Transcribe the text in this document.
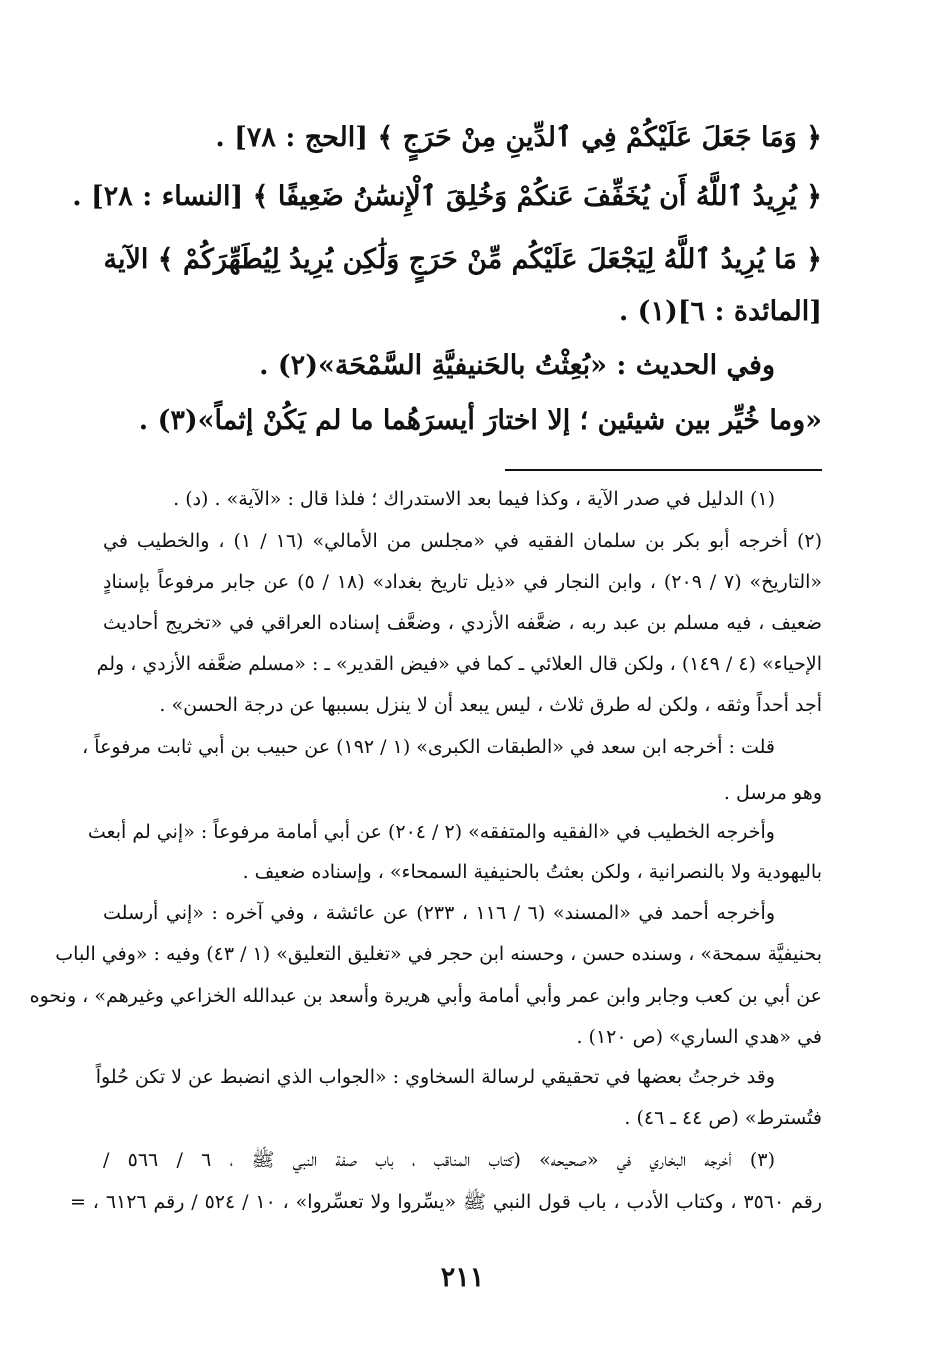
﴿ وَمَا جَعَلَ عَلَيْكُمْ فِي ٱلدِّينِ مِنْ حَرَجٍ ﴾ [الحج : ٧٨] .
﴿ يُرِيدُ ٱللَّهُ أَن يُخَفِّفَ عَنكُمْ وَخُلِقَ ٱلْإِنسَٰنُ ضَعِيفًا ﴾ [النساء : ٢٨] .
﴿ مَا يُرِيدُ ٱللَّهُ لِيَجْعَلَ عَلَيْكُم مِّنْ حَرَجٍ وَلَٰكِن يُرِيدُ لِيُطَهِّرَكُمْ ﴾ الآية
[المائدة : ٦](١) .
وفي الحديث : «بُعِثْتُ بالحَنيفيَّةِ السَّمْحَة»(٢) .
«وما خُيِّر بين شيئين ؛ إلا اختارَ أيسرَهُما ما لم يَكُنْ إثماً»(٣) .
(١) الدليل في صدر الآية ، وكذا فيما بعد الاستدراك ؛ فلذا قال : «الآية» . (د) .
(٢) أخرجه أبو بكر بن سلمان الفقيه في «مجلس من الأمالي» (١٦ / ١) ، والخطيب في
«التاريخ» (٧ / ٢٠٩) ، وابن النجار في «ذيل تاريخ بغداد» (١٨ / ٥) عن جابر مرفوعاً بإسنادٍ
ضعيف ، فيه مسلم بن عبد ربه ، ضعَّفه الأزدي ، وضعَّف إسناده العراقي في «تخريج أحاديث
الإحياء» (٤ / ١٤٩) ، ولكن قال العلائي ـ كما في «فيض القدير» ـ : «مسلم ضعَّفه الأزدي ، ولم
أجد أحداً وثقه ، ولكن له طرق ثلاث ، ليس يبعد أن لا ينزل بسببها عن درجة الحسن» .
قلت : أخرجه ابن سعد في «الطبقات الكبرى» (١ / ١٩٢) عن حبيب بن أبي ثابت مرفوعاً ،
وهو مرسل .
وأخرجه الخطيب في «الفقيه والمتفقه» (٢ / ٢٠٤) عن أبي أمامة مرفوعاً : «إني لم أبعث
باليهودية ولا بالنصرانية ، ولكن بعثتُ بالحنيفية السمحاء» ، وإسناده ضعيف .
وأخرجه أحمد في «المسند» (٦ / ١١٦ ، ٢٣٣) عن عائشة ، وفي آخره : «إني أرسلت
بحنيفيَّة سمحة» ، وسنده حسن ، وحسنه ابن حجر في «تغليق التعليق» (١ / ٤٣) وفيه : «وفي الباب
عن أبي بن كعب وجابر وابن عمر وأبي أمامة وأبي هريرة وأسعد بن عبدالله الخزاعي وغيرهم» ، ونحوه
في «هدي الساري» (ص ١٢٠) .
وقد خرجتُ بعضها في تحقيقي لرسالة السخاوي : «الجواب الذي انضبط عن لا تكن حُلواً
فتُسترط» (ص ٤٤ ـ ٤٦) .
(٣) أخرجه البخاري في «صحيحه» (كتاب المناقب ، باب صفة النبي ﷺ ، ٦ / ٥٦٦ /
رقم ٣٥٦٠ ، وكتاب الأدب ، باب قول النبي ﷺ «يسِّروا ولا تعسِّروا» ، ١٠ / ٥٢٤ / رقم ٦١٢٦ ، =
٢١١
